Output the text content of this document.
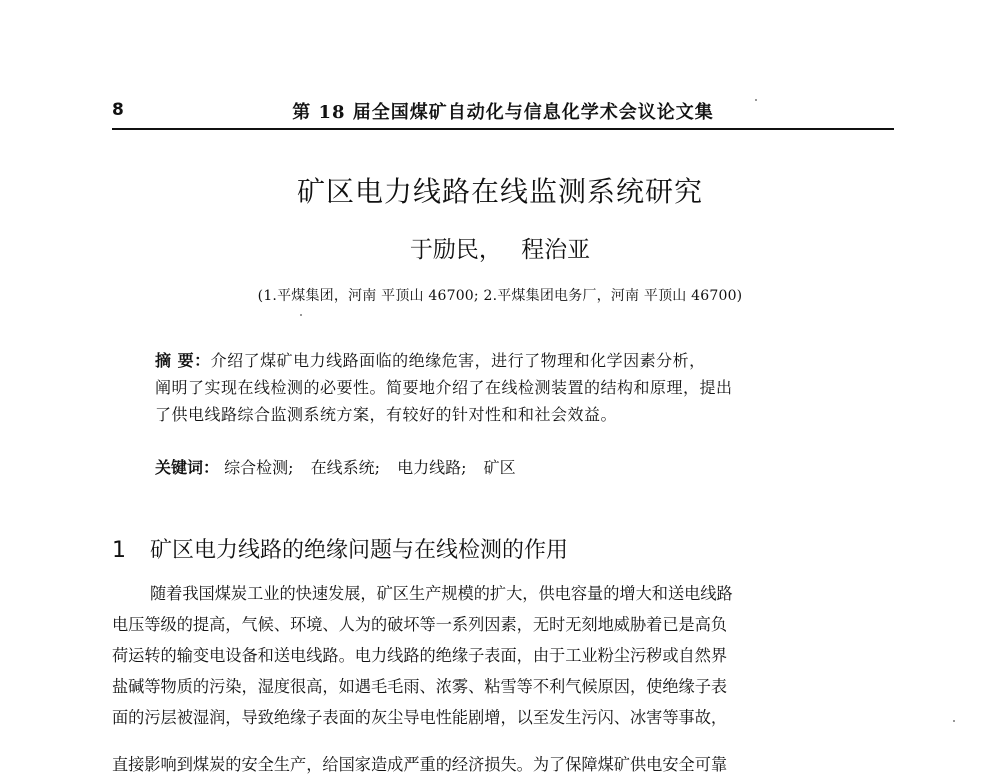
8	第 18 届全国煤矿自动化与信息化学术会议论文集
矿区电力线路在线监测系统研究
于励民， 程治亚
(1.平煤集团，河南 平顶山 46700; 2.平煤集团电务厂，河南 平顶山 46700)
摘 要：介绍了煤矿电力线路面临的绝缘危害，进行了物理和化学因素分析，
阐明了实现在线检测的必要性。简要地介绍了在线检测装置的结构和原理，提出
了供电线路综合监测系统方案，有较好的针对性和和社会效益。
关键词： 综合检测; 在线系统; 电力线路; 矿区
1 矿区电力线路的绝缘问题与在线检测的作用
随着我国煤炭工业的快速发展，矿区生产规模的扩大，供电容量的增大和送电线路
电压等级的提高，气候、环境、人为的破坏等一系列因素，无时无刻地威胁着已是高负
荷运转的输变电设备和送电线路。电力线路的绝缘子表面，由于工业粉尘污秽或自然界
盐碱等物质的污染，湿度很高，如遇毛毛雨、浓雾、粘雪等不利气候原因，使绝缘子表
面的污层被湿润，导致绝缘子表面的灰尘导电性能剧增，以至发生污闪、冰害等事故，
直接影响到煤炭的安全生产，给国家造成严重的经济损失。为了保障煤矿供电安全可靠
